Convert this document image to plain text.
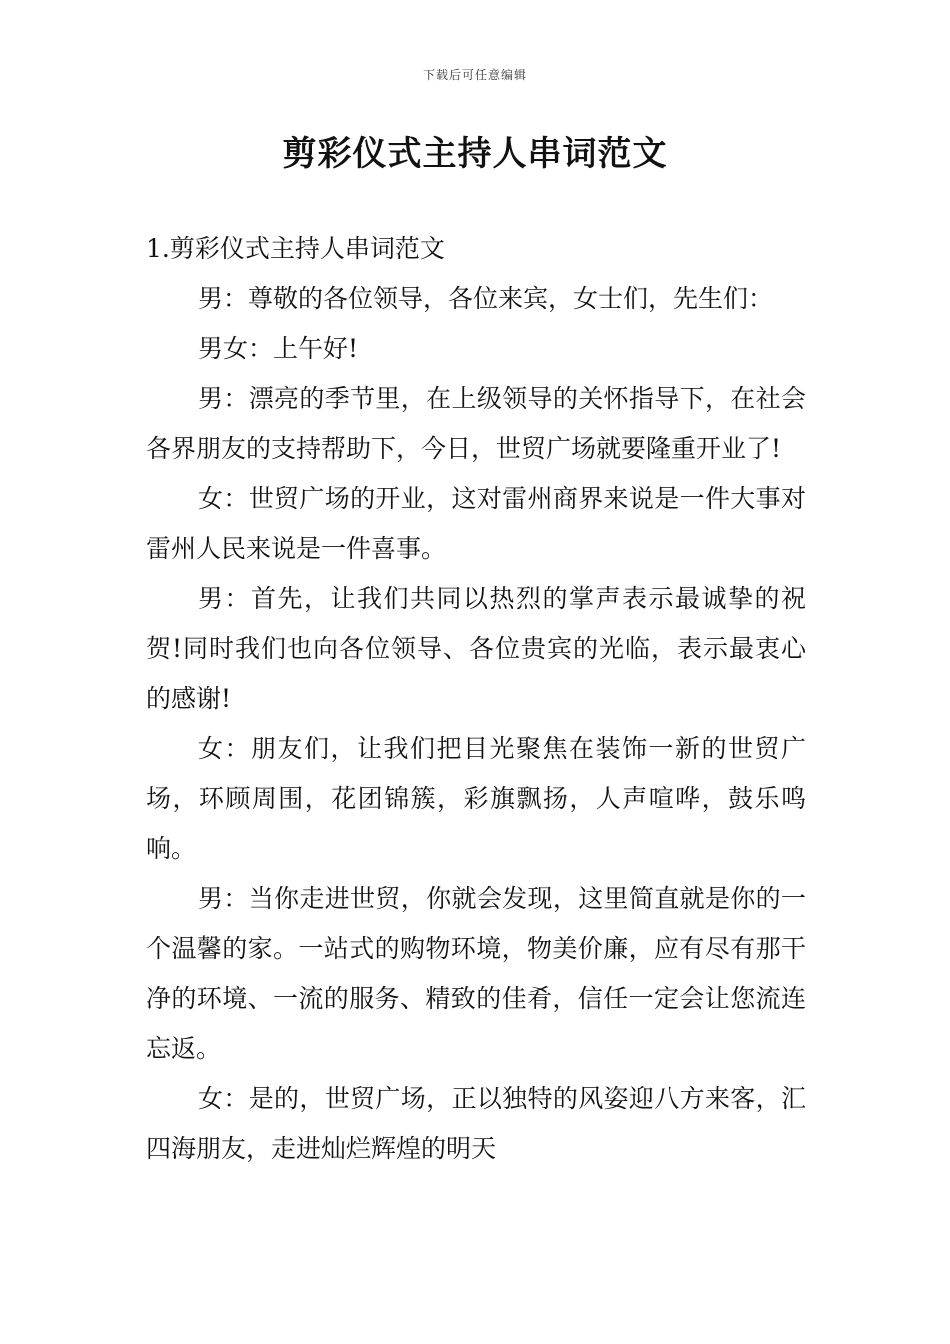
下载后可任意编辑
剪彩仪式主持人串词范文

1.剪彩仪式主持人串词范文

男：尊敬的各位领导，各位来宾，女士们，先生们：

男女：上午好!

男：漂亮的季节里，在上级领导的关怀指导下，在社会各界朋友的支持帮助下，今日，世贸广场就要隆重开业了!

女：世贸广场的开业，这对雷州商界来说是一件大事对雷州人民来说是一件喜事。

男：首先，让我们共同以热烈的掌声表示最诚挚的祝贺!同时我们也向各位领导、各位贵宾的光临，表示最衷心的感谢!

女：朋友们，让我们把目光聚焦在装饰一新的世贸广场，环顾周围，花团锦簇，彩旗飘扬，人声喧哗，鼓乐鸣响。

男：当你走进世贸，你就会发现，这里简直就是你的一个温馨的家。一站式的购物环境，物美价廉，应有尽有那干净的环境、一流的服务、精致的佳肴，信任一定会让您流连忘返。

女：是的，世贸广场，正以独特的风姿迎八方来客，汇四海朋友，走进灿烂辉煌的明天
